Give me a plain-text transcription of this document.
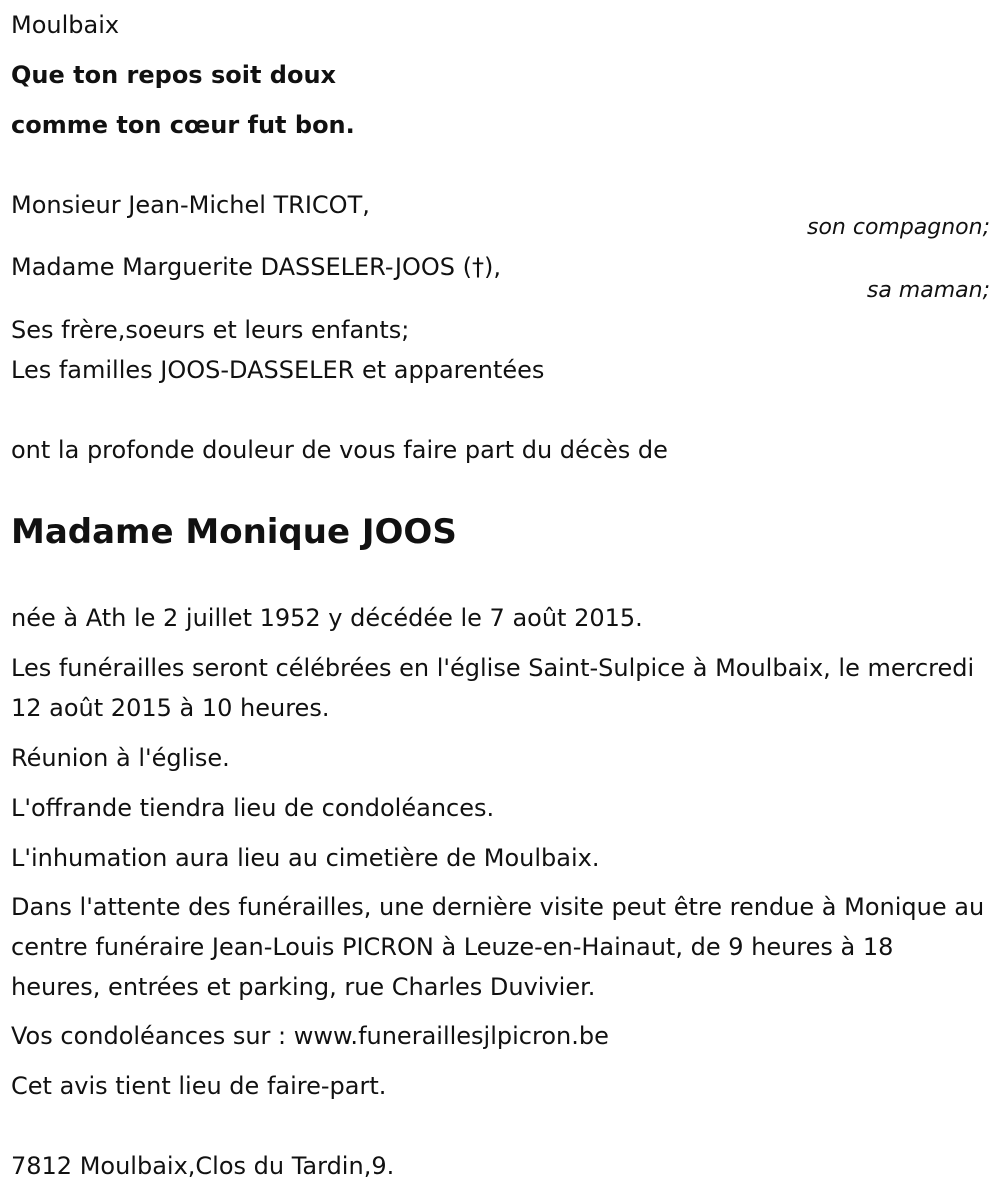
Moulbaix
Que ton repos soit doux
comme ton cœur fut bon.
Monsieur Jean-Michel TRICOT,
son compagnon;
Madame Marguerite DASSELER-JOOS (†),
sa maman;
Ses frère,soeurs et leurs enfants;
Les familles JOOS-DASSELER et apparentées
ont la profonde douleur de vous faire part du décès de
Madame Monique JOOS
née à Ath le 2 juillet 1952 y décédée le 7 août 2015.
Les funérailles seront célébrées en l'église Saint-Sulpice à Moulbaix, le mercredi 12 août 2015 à 10 heures.
Réunion à l'église.
L'offrande tiendra lieu de condoléances.
L'inhumation aura lieu au cimetière de Moulbaix.
Dans l'attente des funérailles, une dernière visite peut être rendue à Monique au centre funéraire Jean-Louis PICRON à Leuze-en-Hainaut, de 9 heures à 18 heures, entrées et parking, rue Charles Duvivier.
Vos condoléances sur : www.funeraillesjlpicron.be
Cet avis tient lieu de faire-part.
7812 Moulbaix,Clos du Tardin,9.
